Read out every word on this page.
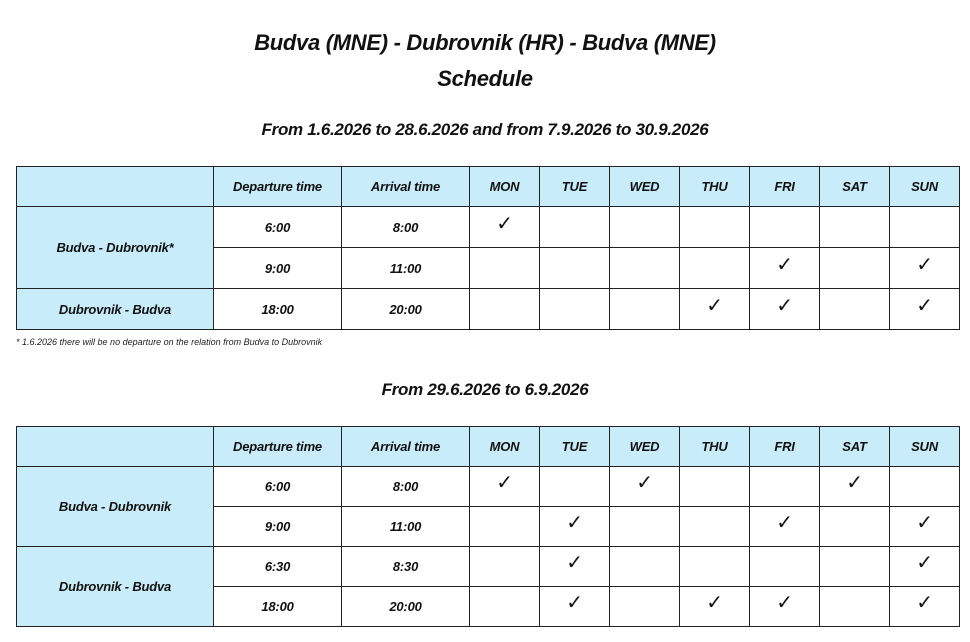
Budva (MNE) - Dubrovnik (HR) - Budva (MNE)
Schedule
From 1.6.2026 to 28.6.2026 and from 7.9.2026 to 30.9.2026
	Departure time	Arrival time	MON	TUE	WED	THU	FRI	SAT	SUN
Budva - Dubrovnik*	6:00	8:00	✓						
	9:00	11:00					✓		✓
Dubrovnik - Budva	18:00	20:00				✓	✓		✓
* 1.6.2026 there will be no departure on the relation from Budva to Dubrovnik
From 29.6.2026 to 6.9.2026
	Departure time	Arrival time	MON	TUE	WED	THU	FRI	SAT	SUN
Budva - Dubrovnik	6:00	8:00	✓		✓			✓	
	9:00	11:00		✓			✓		✓
Dubrovnik - Budva	6:30	8:30		✓					✓
	18:00	20:00		✓		✓	✓		✓
